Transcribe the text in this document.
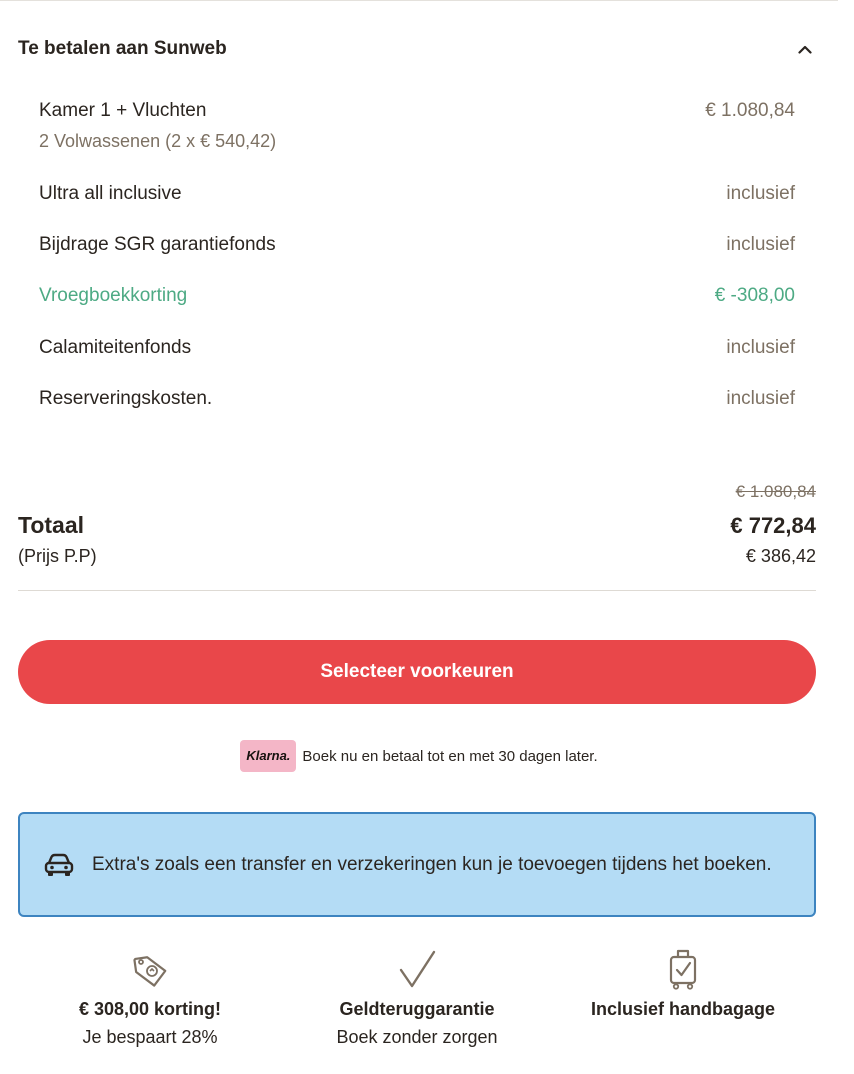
Te betalen aan Sunweb
Kamer 1 + Vluchten	€ 1.080,84
2 Volwassenen (2 x € 540,42)
Ultra all inclusive	inclusief
Bijdrage SGR garantiefonds	inclusief
Vroegboekkorting	€ -308,00
Calamiteitenfonds	inclusief
Reserveringskosten.	inclusief
€ 1.080,84
Totaal	€ 772,84
(Prijs P.P)	€ 386,42
Selecteer voorkeuren
Klarna. Boek nu en betaal tot en met 30 dagen later.
Extra's zoals een transfer en verzekeringen kun je toevoegen tijdens het boeken.
€ 308,00 korting!
Je bespaart 28%
Geldteruggarantie
Boek zonder zorgen
Inclusief handbagage
